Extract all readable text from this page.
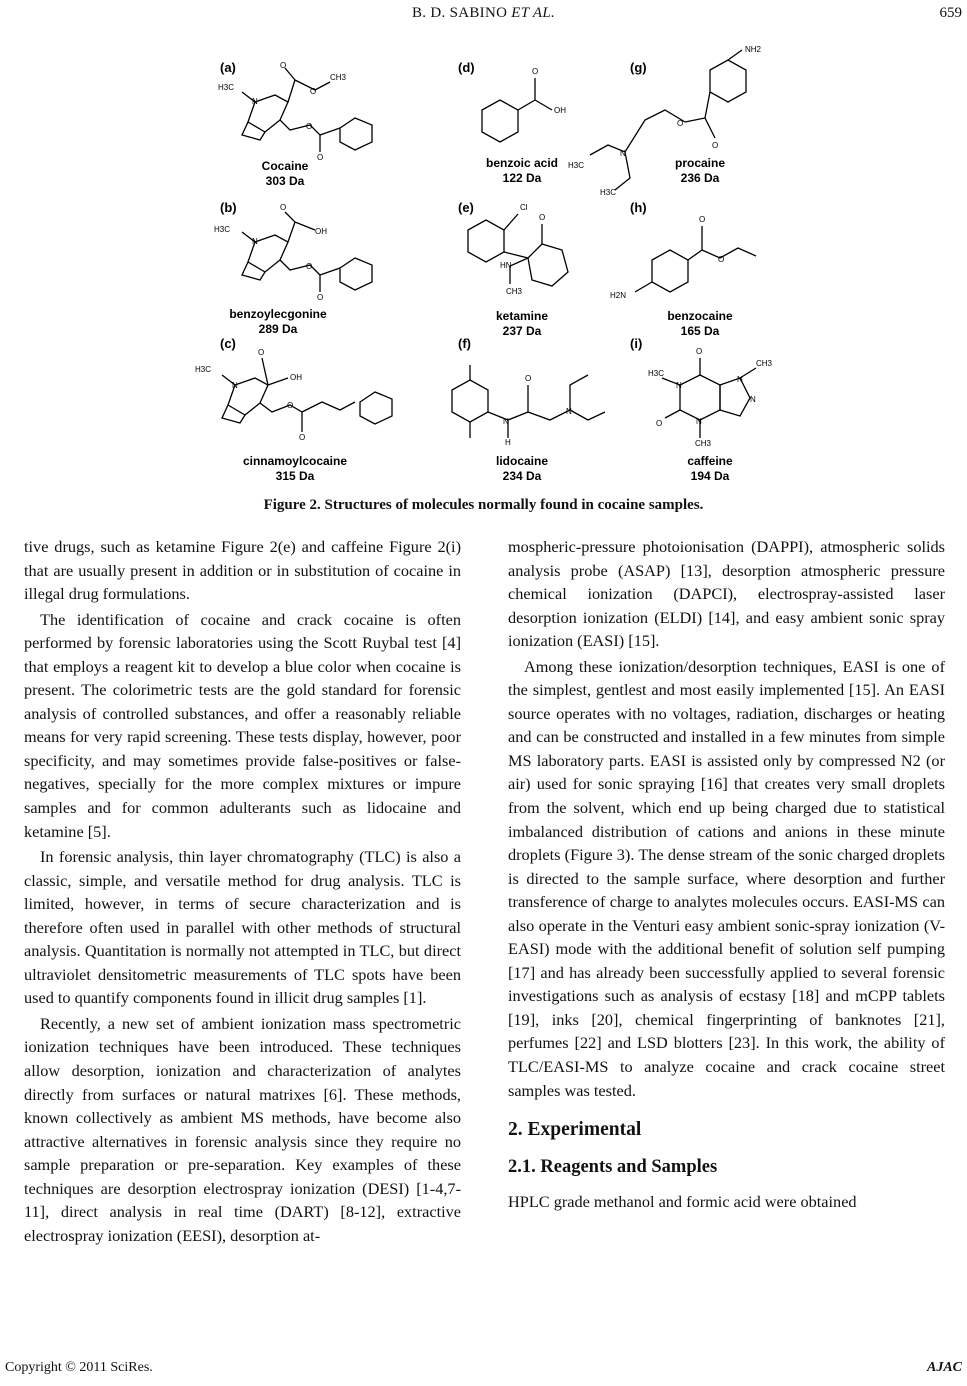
B. D. SABINO ET AL.	659
(a)
(b)
(c)
(d)
(e)
(f)
(g)
(h)
(i)
H3C
N
O
O
CH3
O
O
Cocaine
303 Da
H3C
N
O
OH
O
O
benzoylecgonine
289 Da
H3C
N
O
OH
O
O
cinnamoylcocaine
315 Da
O
OH
benzoic acid
122 Da
NH2
O
O
N
H3C
H3C
procaine
236 Da
Cl
O
HN
CH3
ketamine
237 Da
H2N
O
O
benzocaine
165 Da
N
O
N
H
lidocaine
234 Da
O
H3C
N
O	N
CH3
N
CH3
N
caffeine
194 Da
Figure 2. Structures of molecules normally found in cocaine samples.

tive drugs, such as ketamine Figure 2(e) and caffeine Figure 2(i) that are usually present in addition or in substitution of cocaine in illegal drug formulations.

The identification of cocaine and crack cocaine is often performed by forensic laboratories using the Scott Ruybal test [4] that employs a reagent kit to develop a blue color when cocaine is present. The colorimetric tests are the gold standard for forensic analysis of controlled substances, and offer a reasonably reliable means for very rapid screening. These tests display, however, poor specificity, and may sometimes provide false-positives or false-negatives, specially for the more complex mixtures or impure samples and for common adulterants such as lidocaine and ketamine [5].

In forensic analysis, thin layer chromatography (TLC) is also a classic, simple, and versatile method for drug analysis. TLC is limited, however, in terms of secure characterization and is therefore often used in parallel with other methods of structural analysis. Quantitation is normally not attempted in TLC, but direct ultraviolet densitometric measurements of TLC spots have been used to quantify components found in illicit drug samples [1].

Recently, a new set of ambient ionization mass spectrometric ionization techniques have been introduced. These techniques allow desorption, ionization and characterization of analytes directly from surfaces or natural matrixes [6]. These methods, known collectively as ambient MS methods, have become also attractive alternatives in forensic analysis since they require no sample preparation or pre-separation. Key examples of these techniques are desorption electrospray ionization (DESI) [1-4,7-11], direct analysis in real time (DART) [8-12], extractive electrospray ionization (EESI), desorption at-

mospheric-pressure photoionisation (DAPPI), atmospheric solids analysis probe (ASAP) [13], desorption atmospheric pressure chemical ionization (DAPCI), electrospray-assisted laser desorption ionization (ELDI) [14], and easy ambient sonic spray ionization (EASI) [15].

Among these ionization/desorption techniques, EASI is one of the simplest, gentlest and most easily implemented [15]. An EASI source operates with no voltages, radiation, discharges or heating and can be constructed and installed in a few minutes from simple MS laboratory parts. EASI is assisted only by compressed N2 (or air) used for sonic spraying [16] that creates very small droplets from the solvent, which end up being charged due to statistical imbalanced distribution of cations and anions in these minute droplets (Figure 3). The dense stream of the sonic charged droplets is directed to the sample surface, where desorption and further transference of charge to analytes molecules occurs. EASI-MS can also operate in the Venturi easy ambient sonic-spray ionization (V-EASI) mode with the additional benefit of solution self pumping [17] and has already been successfully applied to several forensic investigations such as analysis of ecstasy [18] and mCPP tablets [19], inks [20], chemical fingerprinting of banknotes [21], perfumes [22] and LSD blotters [23]. In this work, the ability of TLC/EASI-MS to analyze cocaine and crack cocaine street samples was tested.

2. Experimental
2.1. Reagents and Samples

HPLC grade methanol and formic acid were obtained

Copyright © 2011 SciRes.	AJAC
